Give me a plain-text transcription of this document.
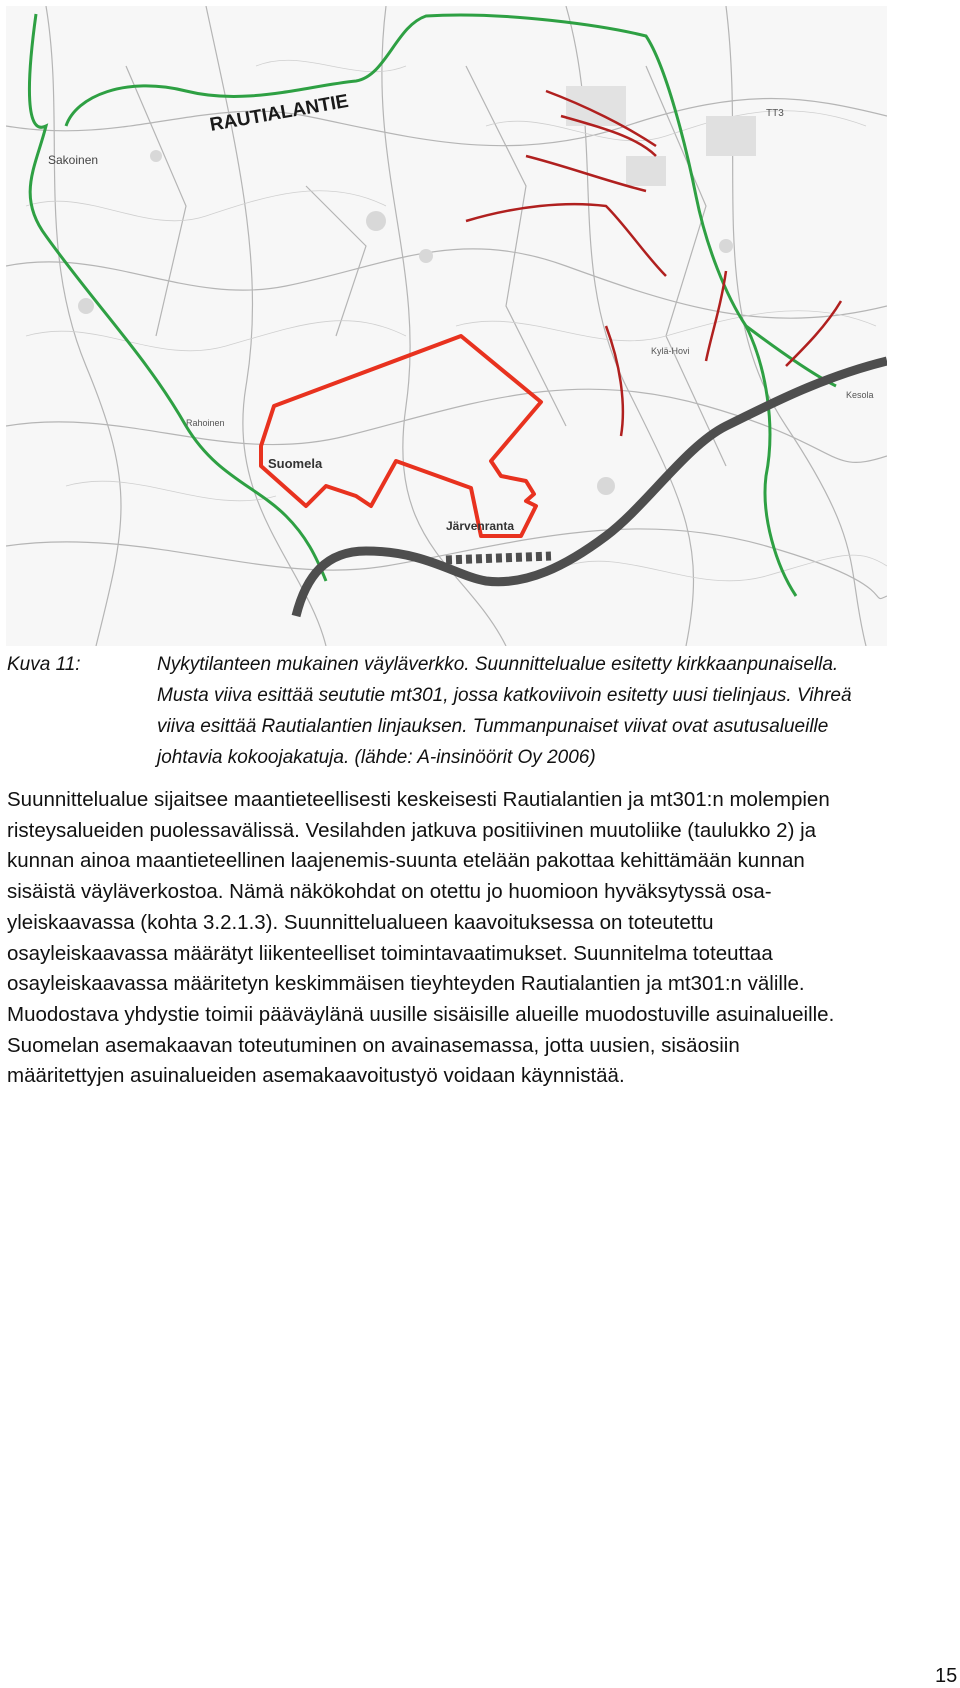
RAUTIALANTIE
Suomela
Sakoinen
Järvenranta
Rahoinen
Kylä-Hovi
Kesola
TT3
Kuva 11:	Nykytilanteen mukainen väyläverkko. Suunnittelualue esitetty kirkkaanpunaisella.

Musta viiva esittää seututie mt301, jossa katkoviivoin esitetty uusi tielinjaus. Vihreä

viiva esittää Rautialantien linjauksen. Tummanpunaiset viivat ovat asutusalueille

johtavia kokoojakatuja. (lähde: A-insinöörit Oy 2006)

Suunnittelualue sijaitsee maantieteellisesti keskeisesti Rautialantien ja mt301:n molempien
risteysalueiden puolessavälissä. Vesilahden jatkuva positiivinen muutoliike (taulukko 2) ja
kunnan ainoa maantieteellinen laajenemis-suunta etelään pakottaa kehittämään kunnan
sisäistä väyläverkostoa. Nämä näkökohdat on otettu jo huomioon hyväksytyssä osa-
yleiskaavassa (kohta 3.2.1.3). Suunnittelualueen kaavoituksessa on toteutettu
osayleiskaavassa määrätyt liikenteelliset toimintavaatimukset. Suunnitelma toteuttaa
osayleiskaavassa määritetyn keskimmäisen tieyhteyden Rautialantien ja mt301:n välille.
Muodostava yhdystie toimii pääväylänä uusille sisäisille alueille muodostuville asuinalueille.
Suomelan asemakaavan toteutuminen on avainasemassa, jotta uusien, sisäosiin
määritettyjen asuinalueiden asemakaavoitustyö voidaan käynnistää.
15
